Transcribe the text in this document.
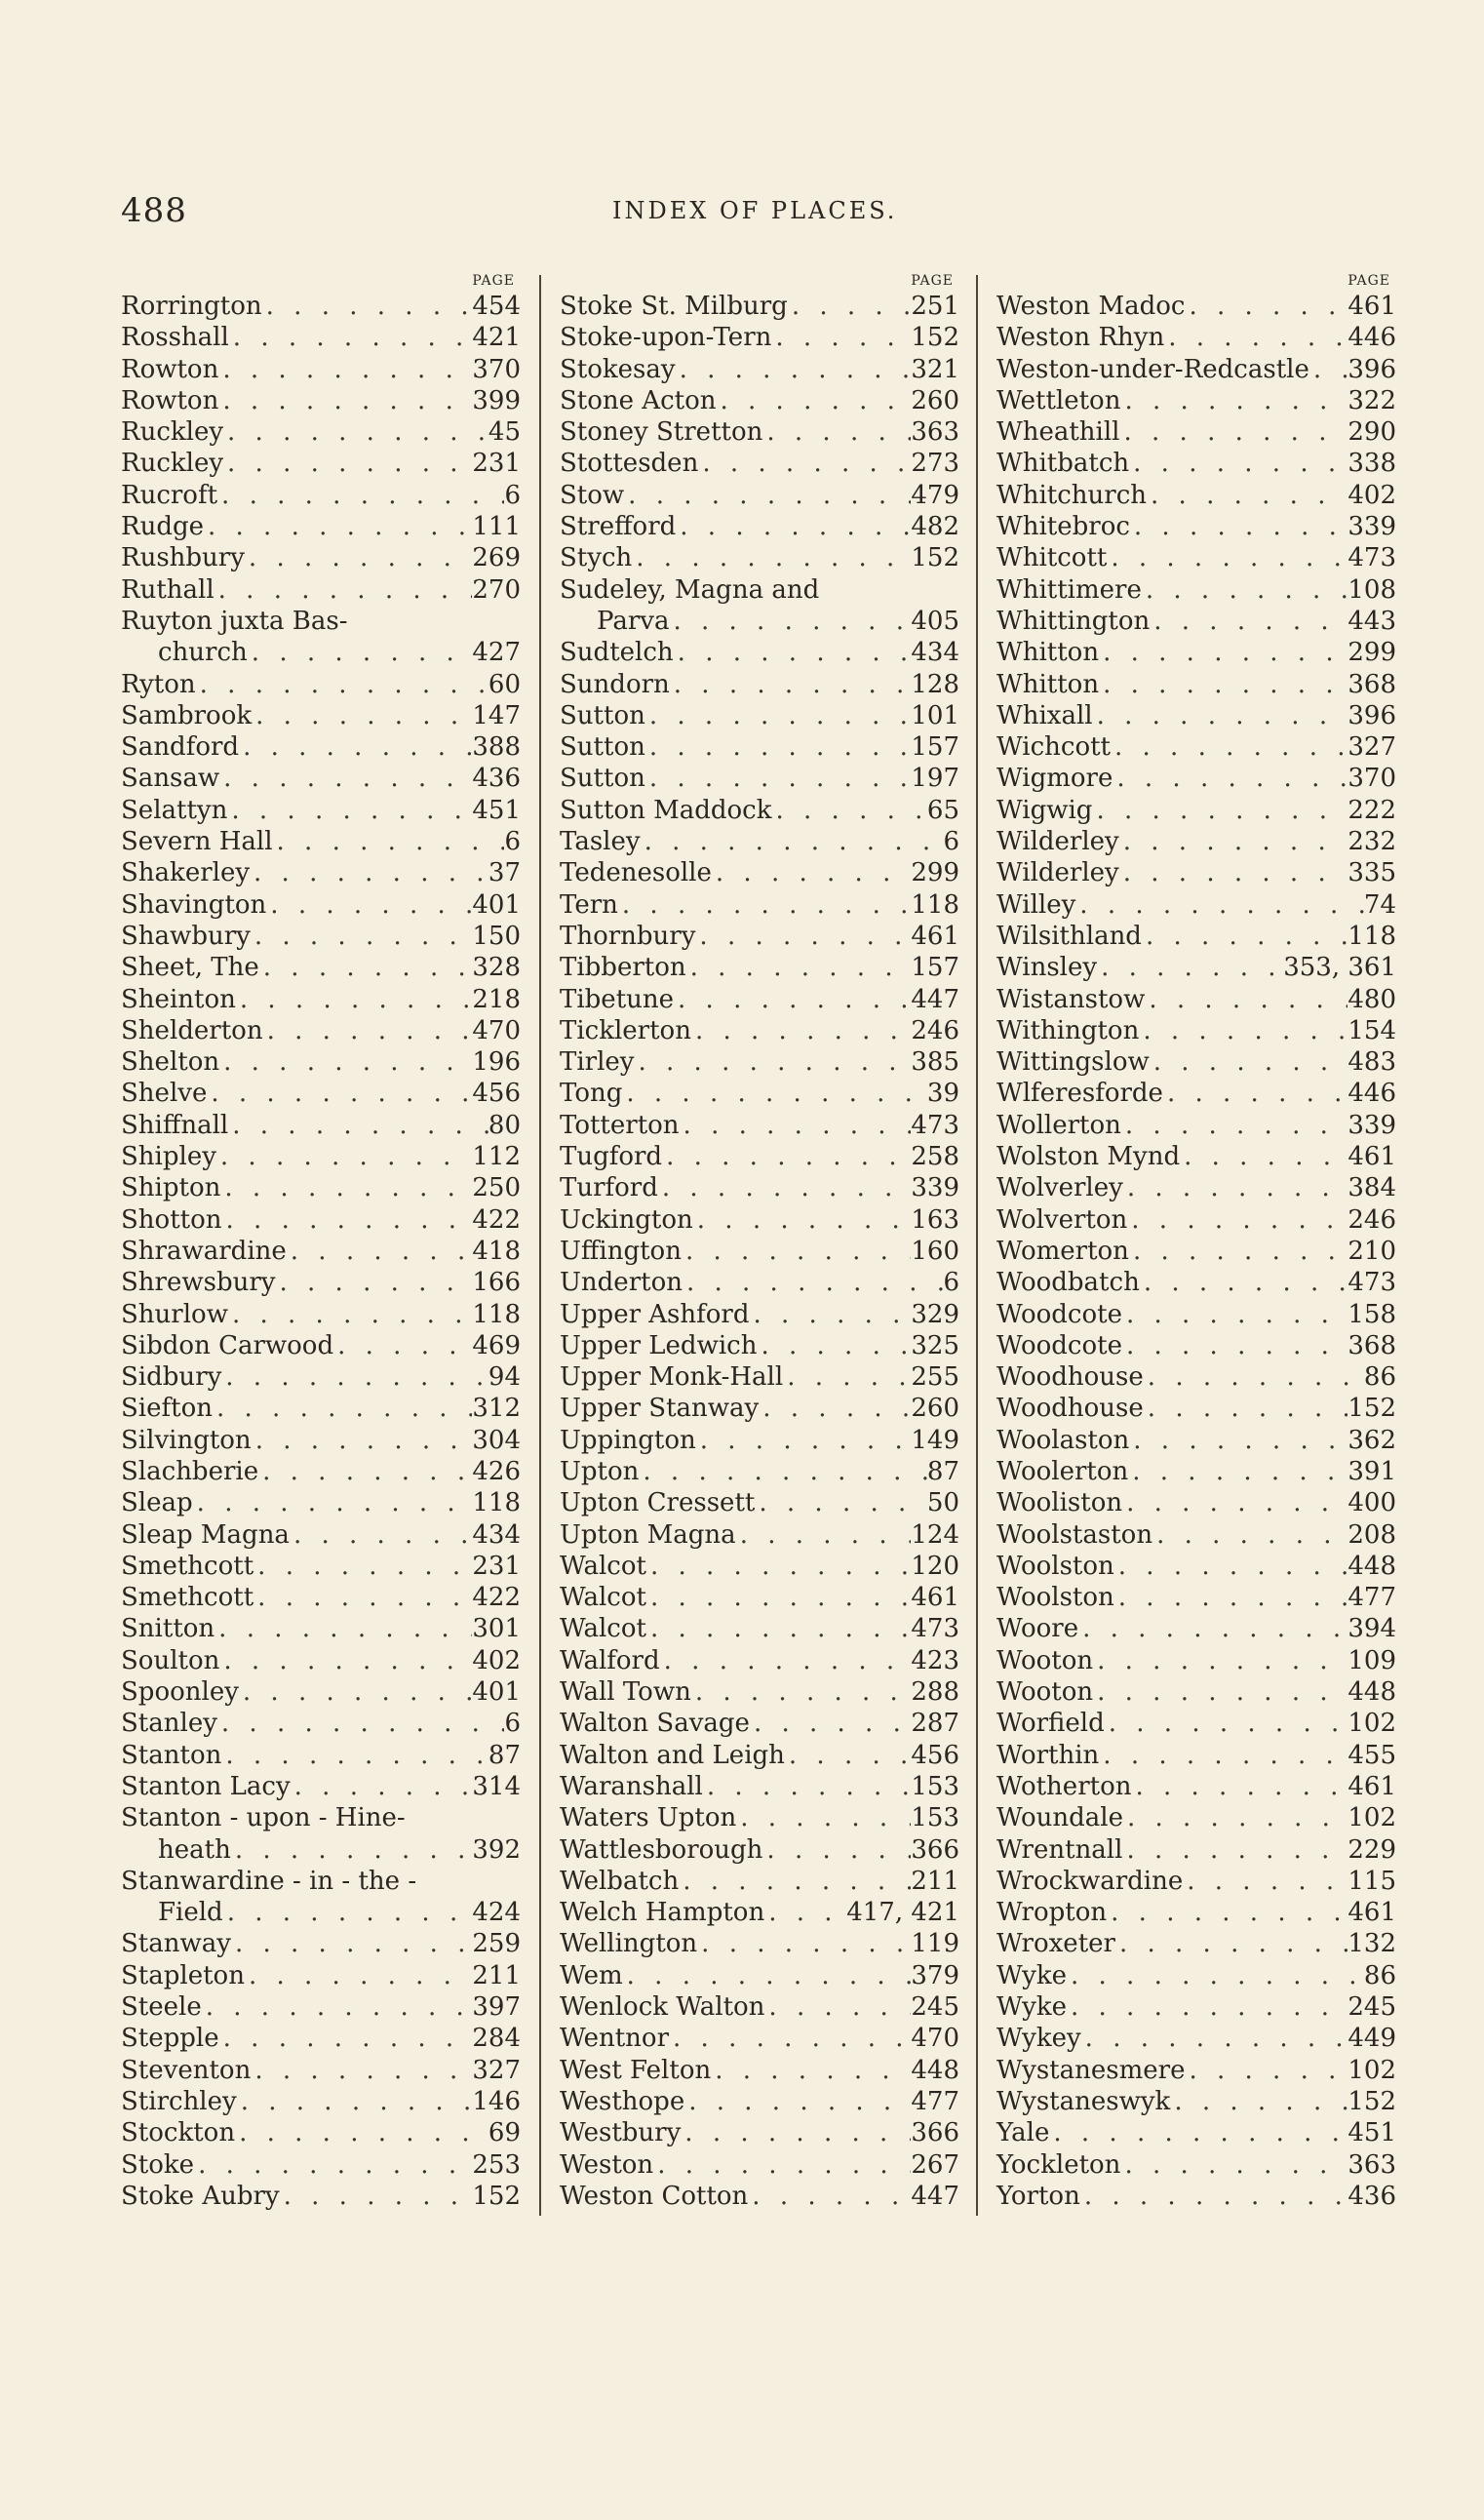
488	INDEX OF PLACES.
PAGE
Rorrington . . .	454
Rosshall . . .	421
Rowton . . .	370
Rowton . . .	399
Ruckley . . .	45
Ruckley . . .	231
Rucroft . . .	6
Rudge . . .	111
Rushbury . . .	269
Ruthall . . .	270
Ruyton juxta Bas-
church . . .	427
Ryton . . .	60
Sambrook . . .	147
Sandford . . .	388
Sansaw . . .	436
Selattyn . . .	451
Severn Hall . . .	6
Shakerley . . .	37
Shavington . . .	401
Shawbury . . .	150
Sheet, The . . .	328
Sheinton . . .	218
Shelderton . . .	470
Shelton . . .	196
Shelve . . .	456
Shiffnall . . .	80
Shipley . . .	112
Shipton . . .	250
Shotton . . .	422
Shrawardine . . .	418
Shrewsbury . . .	166
Shurlow . . .	118
Sibdon Carwood . . .	469
Sidbury . . .	94
Siefton . . .	312
Silvington . . .	304
Slachberie . . .	426
Sleap . . .	118
Sleap Magna . . .	434
Smethcott . . .	231
Smethcott . . .	422
Snitton . . .	301
Soulton . . .	402
Spoonley . . .	401
Stanley . . .	6
Stanton . . .	87
Stanton Lacy . . .	314
Stanton - upon - Hine-
heath . . .	392
Stanwardine - in - the -
Field . . .	424
Stanway . . .	259
Stapleton . . .	211
Steele . . .	397
Stepple . . .	284
Steventon . . .	327
Stirchley . . .	146
Stockton . . .	69
Stoke . . .	253
Stoke Aubry . . .	152
PAGE
Stoke St. Milburg . . .	251
Stoke-upon-Tern . . .	152
Stokesay . . .	321
Stone Acton . . .	260
Stoney Stretton . . .	363
Stottesden . . .	273
Stow . . .	479
Strefford . . .	482
Stych . . .	152
Sudeley, Magna and
Parva . . .	405
Sudtelch . . .	434
Sundorn . . .	128
Sutton . . .	101
Sutton . . .	157
Sutton . . .	197
Sutton Maddock . . .	65
Tasley . . .	6
Tedenesolle . . .	299
Tern . . .	118
Thornbury . . .	461
Tibberton . . .	157
Tibetune . . .	447
Ticklerton . . .	246
Tirley . . .	385
Tong . . .	39
Totterton . . .	473
Tugford . . .	258
Turford . . .	339
Uckington . . .	163
Uffington . . .	160
Underton . . .	6
Upper Ashford . . .	329
Upper Ledwich . . .	325
Upper Monk-Hall . . .	255
Upper Stanway . . .	260
Uppington . . .	149
Upton . . .	87
Upton Cressett . . .	50
Upton Magna . . .	124
Walcot . . .	120
Walcot . . .	461
Walcot . . .	473
Walford . . .	423
Wall Town . . .	288
Walton Savage . . .	287
Walton and Leigh . . .	456
Waranshall . . .	153
Waters Upton . . .	153
Wattlesborough . . .	366
Welbatch . . .	211
Welch Hampton . . .	417, 421
Wellington . . .	119
Wem . . .	379
Wenlock Walton . . .	245
Wentnor . . .	470
West Felton . . .	448
Westhope . . .	477
Westbury . . .	366
Weston . . .	267
Weston Cotton . . .	447
PAGE
Weston Madoc . . .	461
Weston Rhyn . . .	446
Weston-under-Redcastle . . . 396
Wettleton . . .	322
Wheathill . . .	290
Whitbatch . . .	338
Whitchurch . . .	402
Whitebroc . . .	339
Whitcott . . .	473
Whittimere . . .	108
Whittington . . .	443
Whitton . . .	299
Whitton . . .	368
Whixall . . .	396
Wichcott . . .	327
Wigmore . . .	370
Wigwig . . .	222
Wilderley . . .	232
Wilderley . . .	335
Willey . . .	74
Wilsithland . . .	118
Winsley . . .	353, 361
Wistanstow . . .	480
Withington . . .	154
Wittingslow . . .	483
Wlferesforde . . .	446
Wollerton . . .	339
Wolston Mynd . . .	461
Wolverley . . .	384
Wolverton . . .	246
Womerton . . .	210
Woodbatch . . .	473
Woodcote . . .	158
Woodcote . . .	368
Woodhouse . . .	86
Woodhouse . . .	152
Woolaston . . .	362
Woolerton . . .	391
Wooliston . . .	400
Woolstaston . . .	208
Woolston . . .	448
Woolston . . .	477
Woore . . .	394
Wooton . . .	109
Wooton . . .	448
Worfield . . .	102
Worthin . . .	455
Wotherton . . .	461
Woundale . . .	102
Wrentnall . . .	229
Wrockwardine . . .	115
Wropton . . .	461
Wroxeter . . .	132
Wyke . . .	86
Wyke . . .	245
Wykey . . .	449
Wystanesmere . . .	102
Wystaneswyk . . .	152
Yale . . .	451
Yockleton . . .	363
Yorton . . .	436
